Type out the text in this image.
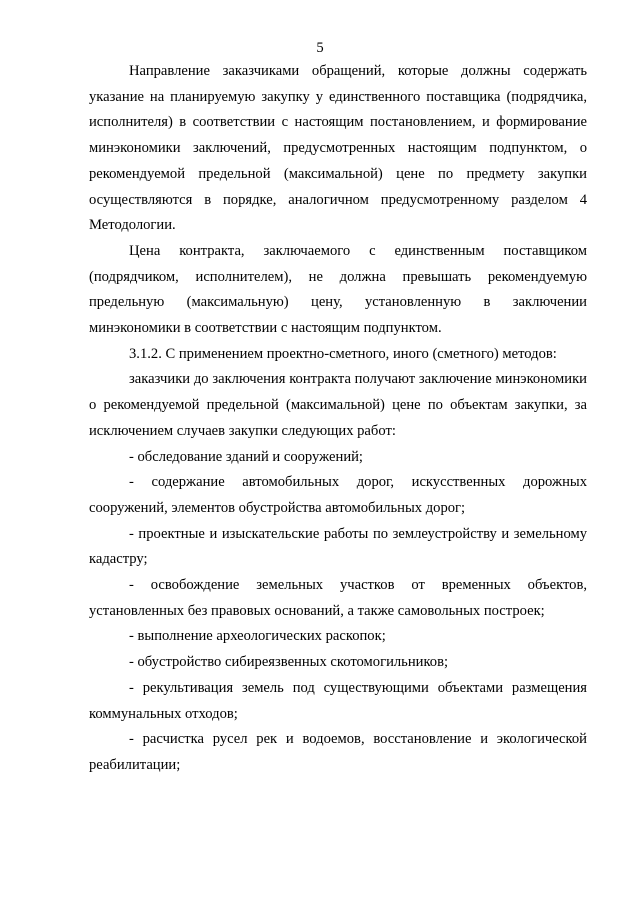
5

Направление заказчиками обращений, которые должны содержать указание на планируемую закупку у единственного поставщика (подрядчика, исполнителя) в соответствии с настоящим постановлением, и формирование минэкономики заключений, предусмотренных настоящим подпунктом, о рекомендуемой предельной (максимальной) цене по предмету закупки осуществляются в порядке, аналогичном предусмотренному разделом 4 Методологии.

Цена контракта, заключаемого с единственным поставщиком (подрядчиком, исполнителем), не должна превышать рекомендуемую предельную (максимальную) цену, установленную в заключении минэкономики в соответствии с настоящим подпунктом.

3.1.2. С применением проектно-сметного, иного (сметного) методов:

заказчики до заключения контракта получают заключение минэкономики о рекомендуемой предельной (максимальной) цене по объектам закупки, за исключением случаев закупки следующих работ:

- обследование зданий и сооружений;

- содержание автомобильных дорог, искусственных дорожных сооружений, элементов обустройства автомобильных дорог;

- проектные и изыскательские работы по землеустройству и земельному кадастру;

- освобождение земельных участков от временных объектов, установленных без правовых оснований, а также самовольных построек;

- выполнение археологических раскопок;

- обустройство сибиреязвенных скотомогильников;

- рекультивация земель под существующими объектами размещения коммунальных отходов;

- расчистка русел рек и водоемов, восстановление и экологической реабилитации;
